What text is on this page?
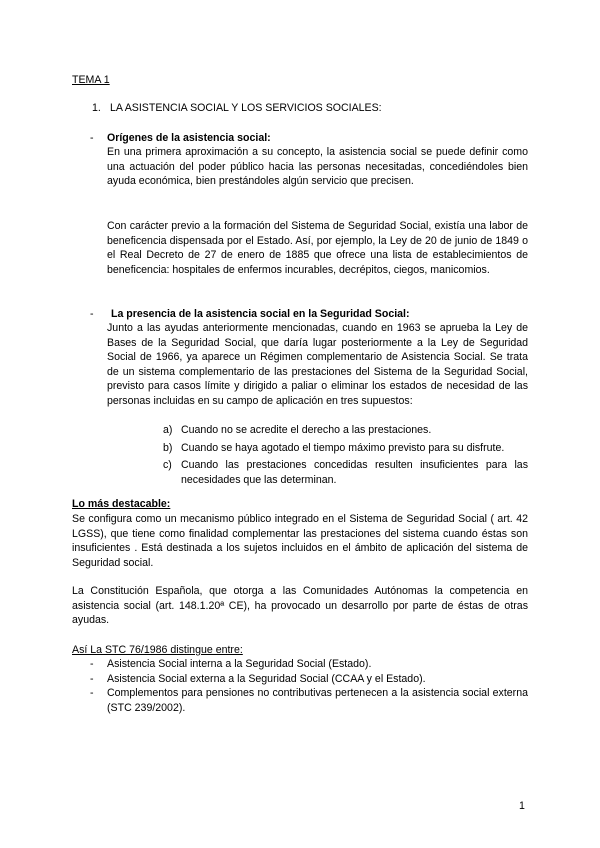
TEMA 1
1. LA ASISTENCIA SOCIAL Y LOS SERVICIOS SOCIALES:
- Orígenes de la asistencia social:
En una primera aproximación a su concepto, la asistencia social se puede definir como una actuación del poder público hacia las personas necesitadas, concediéndoles bien ayuda económica, bien prestándoles algún servicio que precisen.
Con carácter previo a la formación del Sistema de Seguridad Social, existía una labor de beneficencia dispensada por el Estado. Así, por ejemplo, la Ley de 20 de junio de 1849 o el Real Decreto de 27 de enero de 1885 que ofrece una lista de establecimientos de beneficencia: hospitales de enfermos incurables, decrépitos, ciegos, manicomios.
- La presencia de la asistencia social en la Seguridad Social:
Junto a las ayudas anteriormente mencionadas, cuando en 1963 se aprueba la Ley de Bases de la Seguridad Social, que daría lugar posteriormente a la Ley de Seguridad Social de 1966, ya aparece un Régimen complementario de Asistencia Social. Se trata de un sistema complementario de las prestaciones del Sistema de la Seguridad Social, previsto para casos límite y dirigido a paliar o eliminar los estados de necesidad de las personas incluidas en su campo de aplicación en tres supuestos:
a) Cuando no se acredite el derecho a las prestaciones.
b) Cuando se haya agotado el tiempo máximo previsto para su disfrute.
c) Cuando las prestaciones concedidas resulten insuficientes para las necesidades que las determinan.
Lo más destacable:
Se configura como un mecanismo público integrado en el Sistema de Seguridad Social ( art. 42 LGSS), que tiene como finalidad complementar las prestaciones del sistema cuando éstas son insuficientes . Está destinada a los sujetos incluidos en el ámbito de aplicación del sistema de Seguridad social.
La Constitución Española, que otorga a las Comunidades Autónomas la competencia en asistencia social (art. 148.1.20ª CE), ha provocado un desarrollo por parte de éstas de otras ayudas.
Así La STC 76/1986 distingue entre:
- Asistencia Social interna a la Seguridad Social (Estado).
- Asistencia Social externa a la Seguridad Social (CCAA y el Estado).
- Complementos para pensiones no contributivas pertenecen a la asistencia social externa (STC 239/2002).
1
